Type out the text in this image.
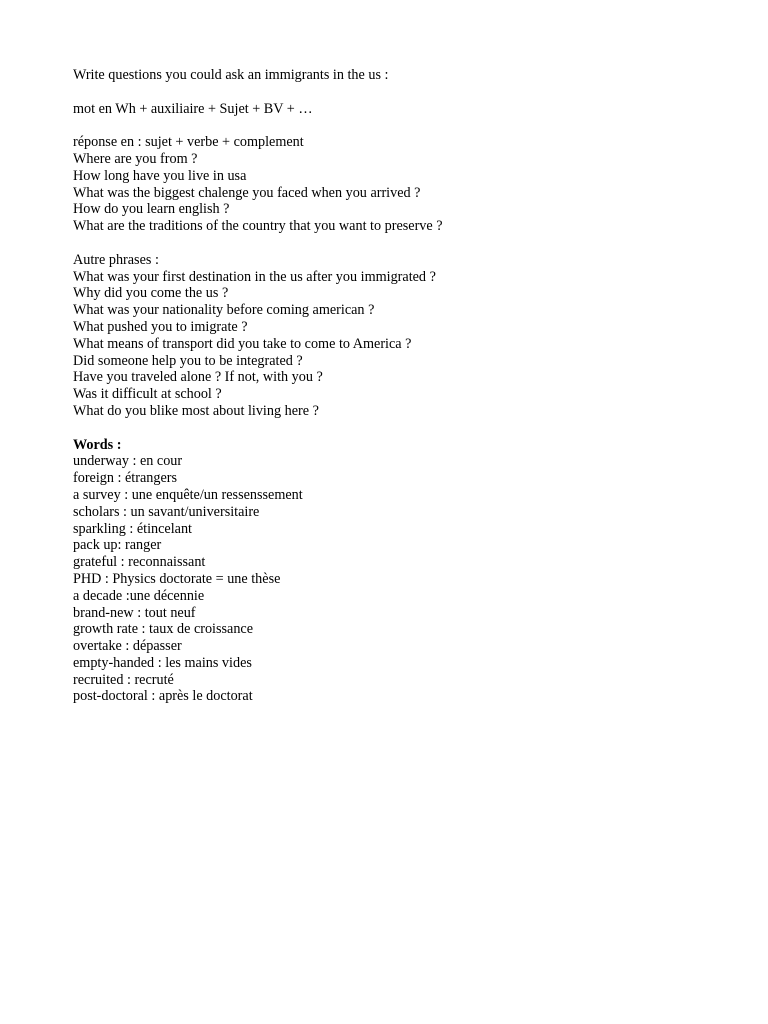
Write questions you could ask an immigrants in the us :
mot en Wh + auxiliaire + Sujet + BV + …
réponse en : sujet + verbe + complement
Where are you from ?
How long have you live in usa
What was the biggest chalenge you faced when you arrived ?
How do you learn english ?
What are the traditions of the country that you want to preserve ?
Autre phrases :
What was your first destination in the us after you immigrated ?
Why did you come the us ?
What was your nationality before coming american ?
What pushed you to imigrate ?
What means of transport did you take to come to America ?
Did someone help you to be integrated ?
Have you traveled alone ? If not, with you ?
Was it difficult at school ?
What do you blike most about living here ?
Words :
underway : en cour
foreign : étrangers
a survey : une enquête/un ressenssement
scholars : un savant/universitaire
sparkling : étincelant
pack up: ranger
grateful : reconnaissant
PHD : Physics doctorate = une thèse
a decade :une décennie
brand-new : tout neuf
growth rate : taux de croissance
overtake : dépasser
empty-handed : les mains vides
recruited : recruté
post-doctoral : après le doctorat
